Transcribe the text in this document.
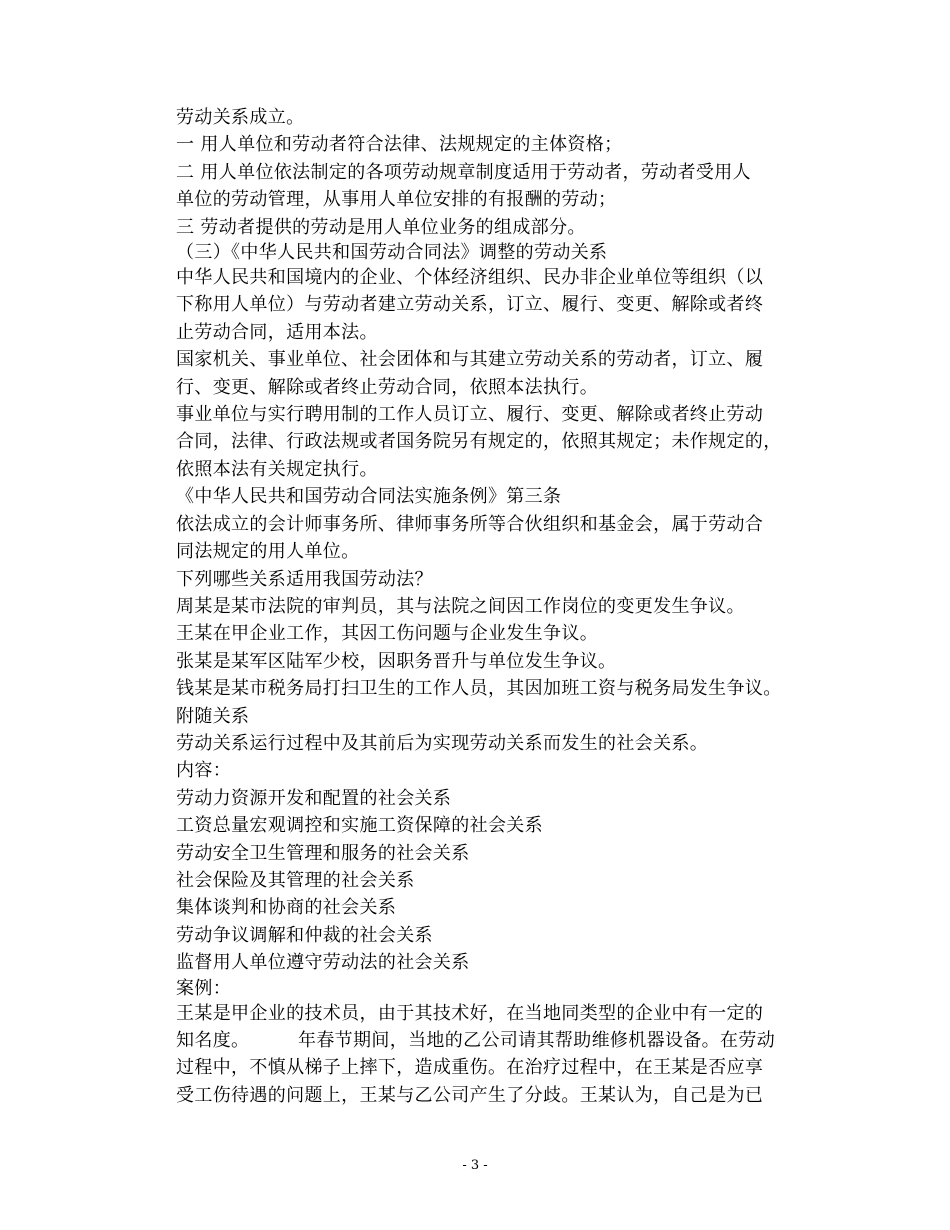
劳动关系成立。
一 用人单位和劳动者符合法律、法规规定的主体资格；
二 用人单位依法制定的各项劳动规章制度适用于劳动者，劳动者受用人
单位的劳动管理，从事用人单位安排的有报酬的劳动；
三 劳动者提供的劳动是用人单位业务的组成部分。
（三）《中华人民共和国劳动合同法》调整的劳动关系
中华人民共和国境内的企业、个体经济组织、民办非企业单位等组织（以
下称用人单位）与劳动者建立劳动关系，订立、履行、变更、解除或者终
止劳动合同，适用本法。
国家机关、事业单位、社会团体和与其建立劳动关系的劳动者，订立、履
行、变更、解除或者终止劳动合同，依照本法执行。
事业单位与实行聘用制的工作人员订立、履行、变更、解除或者终止劳动
合同，法律、行政法规或者国务院另有规定的，依照其规定；未作规定的，
依照本法有关规定执行。
《中华人民共和国劳动合同法实施条例》第三条
依法成立的会计师事务所、律师事务所等合伙组织和基金会，属于劳动合
同法规定的用人单位。
下列哪些关系适用我国劳动法？
周某是某市法院的审判员，其与法院之间因工作岗位的变更发生争议。
王某在甲企业工作，其因工伤问题与企业发生争议。
张某是某军区陆军少校，因职务晋升与单位发生争议。
钱某是某市税务局打扫卫生的工作人员，其因加班工资与税务局发生争议。
附随关系
劳动关系运行过程中及其前后为实现劳动关系而发生的社会关系。
内容：
劳动力资源开发和配置的社会关系
工资总量宏观调控和实施工资保障的社会关系
劳动安全卫生管理和服务的社会关系
社会保险及其管理的社会关系
集体谈判和协商的社会关系
劳动争议调解和仲裁的社会关系
监督用人单位遵守劳动法的社会关系
案例：
王某是甲企业的技术员，由于其技术好，在当地同类型的企业中有一定的
知名度。        年春节期间，当地的乙公司请其帮助维修机器设备。在劳动
过程中，不慎从梯子上摔下，造成重伤。在治疗过程中，在王某是否应享
受工伤待遇的问题上，王某与乙公司产生了分歧。王某认为，自己是为已
- 3 -
